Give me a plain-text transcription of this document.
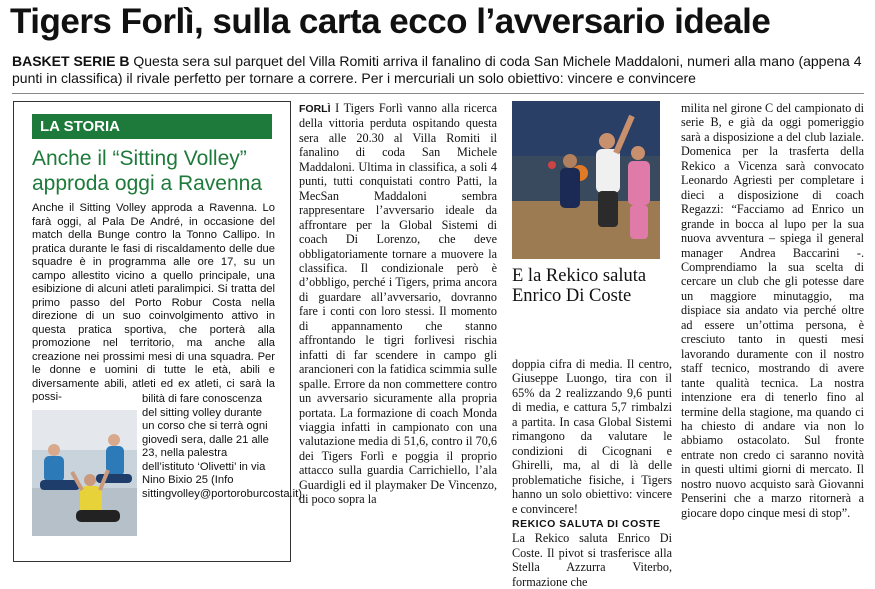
Tigers Forlì, sulla carta ecco l’avversario ideale
BASKET SERIE B Questa sera sul parquet del Villa Romiti arriva il fanalino di coda San Michele Maddaloni, numeri alla mano (appena 4 punti in classifica) il rivale perfetto per tornare a correre. Per i mercuriali un solo obiettivo: vincere e convincere
LA STORIA
Anche il “Sitting Volley” approda oggi a Ravenna

Anche il Sitting Volley approda a Ravenna. Lo farà oggi, al Pala De André, in occasione del match della Bunge contro la Tonno Callipo. In pratica durante le fasi di riscaldamento delle due squadre è in programma alle ore 17, su un campo allestito vicino a quello principale, una esibizione di alcuni atleti paralimpici. Si tratta del primo passo del Porto Robur Costa nella direzione di un suo coinvolgimento attivo in questa pratica sportiva, che porterà alla promozione nel territorio, ma anche alla creazione nei prossimi mesi di una squadra. Per le donne e uomini di tutte le età, abili e diversamente abili, atleti ed ex atleti, ci sarà la possi-	bilità di fare conoscenza del sitting volley durante un corso che si terrà ogni giovedì sera, dalle 21 alle 23, nella palestra dell’istituto ‘Olivetti’ in via Nino Bixio 25 (Info sittingvolley@portoroburcosta.it).

FORLÌ I Tigers Forlì vanno alla ricerca della vittoria perduta ospitando questa sera alle 20.30 al Villa Romiti il fanalino di coda San Michele Maddaloni. Ultima in classifica, a soli 4 punti, tutti conquistati contro Patti, la MecSan Maddaloni sembra rappresentare l’avversario ideale da affrontare per la Global Sistemi di coach Di Lorenzo, che deve obbligatoriamente tornare a muovere la classifica. Il condizionale però è d’obbligo, perché i Tigers, prima ancora di guardare all’avversario, dovranno fare i conti con loro stessi. Il momento di appannamento che stanno affrontando le tigri forlivesi rischia infatti di far scendere in campo gli arancioneri con la fatidica scimmia sulle spalle. Errore da non commettere contro un avversario sicuramente alla propria portata. La formazione di coach Monda viaggia infatti in campionato con una valutazione media di 51,6, contro il 70,6 dei Tigers Forlì e poggia il proprio attacco sulla guardia Carrichiello, l’ala Guardigli ed il playmaker De Vincenzo, di poco sopra la

E la Rekico saluta Enrico Di Coste

doppia cifra di media. Il centro, Giuseppe Luongo, tira con il 65% da 2 realizzando 9,6 punti di media, e cattura 5,7 rimbalzi a partita. In casa Global Sistemi rimangono da valutare le condizioni di Cicognani e Ghirelli, ma, al di là delle problematiche fisiche, i Tigers hanno un solo obiettivo: vincere e convincere!
REKICO SALUTA DI COSTE
La Rekico saluta Enrico Di Coste. Il pivot si trasferisce alla Stella Azzurra Viterbo, formazione che

milita nel girone C del campionato di serie B, e già da oggi pomeriggio sarà a disposizione a del club laziale. Domenica per la trasferta della Rekico a Vicenza sarà convocato Leonardo Agriesti per completare i dieci a disposizione di coach Regazzi: “Facciamo ad Enrico un grande in bocca al lupo per la sua nuova avventura – spiega il general manager Andrea Baccarini -. Comprendiamo la sua scelta di cercare un club che gli potesse dare un maggiore minutaggio, ma dispiace sia andato via perché oltre ad essere un’ottima persona, è cresciuto tanto in questi mesi lavorando duramente con il nostro staff tecnico, mostrando di avere tante qualità tecnica. La nostra intenzione era di tenerlo fino al termine della stagione, ma quando ci ha chiesto di andare via non lo abbiamo ostacolato. Sul fronte entrate non credo ci saranno novità in questi ultimi giorni di mercato. Il nostro nuovo acquisto sarà Giovanni Penserini che a marzo ritornerà a giocare dopo cinque mesi di stop”.
